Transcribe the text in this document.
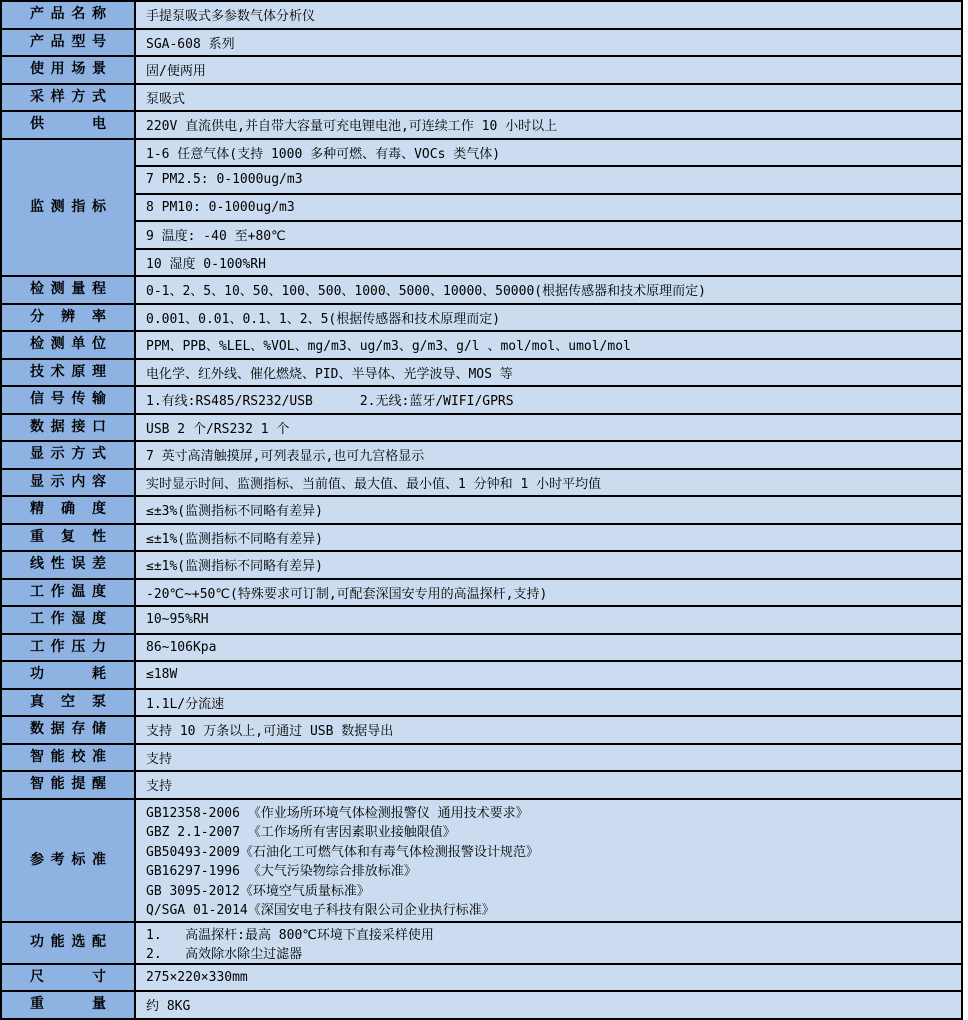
产品名称	手提泵吸式多参数气体分析仪
产品型号	SGA-608 系列
使用场景	固/便两用
采样方式	泵吸式
供电	220V 直流供电,并自带大容量可充电锂电池,可连续工作 10 小时以上
监测指标
1-6 任意气体(支持 1000 多种可燃、有毒、VOCs 类气体)
7 PM2.5: 0-1000ug/m3
8 PM10: 0-1000ug/m3
9 温度: -40 至+80℃
10 湿度 0-100%RH
检测量程	0-1、2、5、10、50、100、500、1000、5000、10000、50000(根据传感器和技术原理而定)
分辨率	0.001、0.01、0.1、1、2、5(根据传感器和技术原理而定)
检测单位	PPM、PPB、%LEL、%VOL、mg/m3、ug/m3、g/m3、g/l 、mol/mol、umol/mol
技术原理	电化学、红外线、催化燃烧、PID、半导体、光学波导、MOS 等
信号传输	1.有线:RS485/RS232/USB      2.无线:蓝牙/WIFI/GPRS
数据接口	USB 2 个/RS232 1 个
显示方式	7 英寸高清触摸屏,可列表显示,也可九宫格显示
显示内容	实时显示时间、监测指标、当前值、最大值、最小值、1 分钟和 1 小时平均值
精确度	≤±3%(监测指标不同略有差异)
重复性	≤±1%(监测指标不同略有差异)
线性误差	≤±1%(监测指标不同略有差异)
工作温度	-20℃~+50℃(特殊要求可订制,可配套深国安专用的高温探杆,支持)
工作湿度	10~95%RH
工作压力	86~106Kpa
功耗	≤18W
真空泵	1.1L/分流速
数据存储	支持 10 万条以上,可通过 USB 数据导出
智能校准	支持
智能提醒	支持
参考标准
GB12358-2006 《作业场所环境气体检测报警仪 通用技术要求》
GBZ 2.1-2007 《工作场所有害因素职业接触限值》
GB50493-2009《石油化工可燃气体和有毒气体检测报警设计规范》
GB16297-1996 《大气污染物综合排放标准》
GB 3095-2012《环境空气质量标准》
Q/SGA 01-2014《深国安电子科技有限公司企业执行标准》
功能选配	1.   高温探杆:最高 800℃环境下直接采样使用
2.   高效除水除尘过滤器
尺寸	275×220×330mm
重量	约 8KG
